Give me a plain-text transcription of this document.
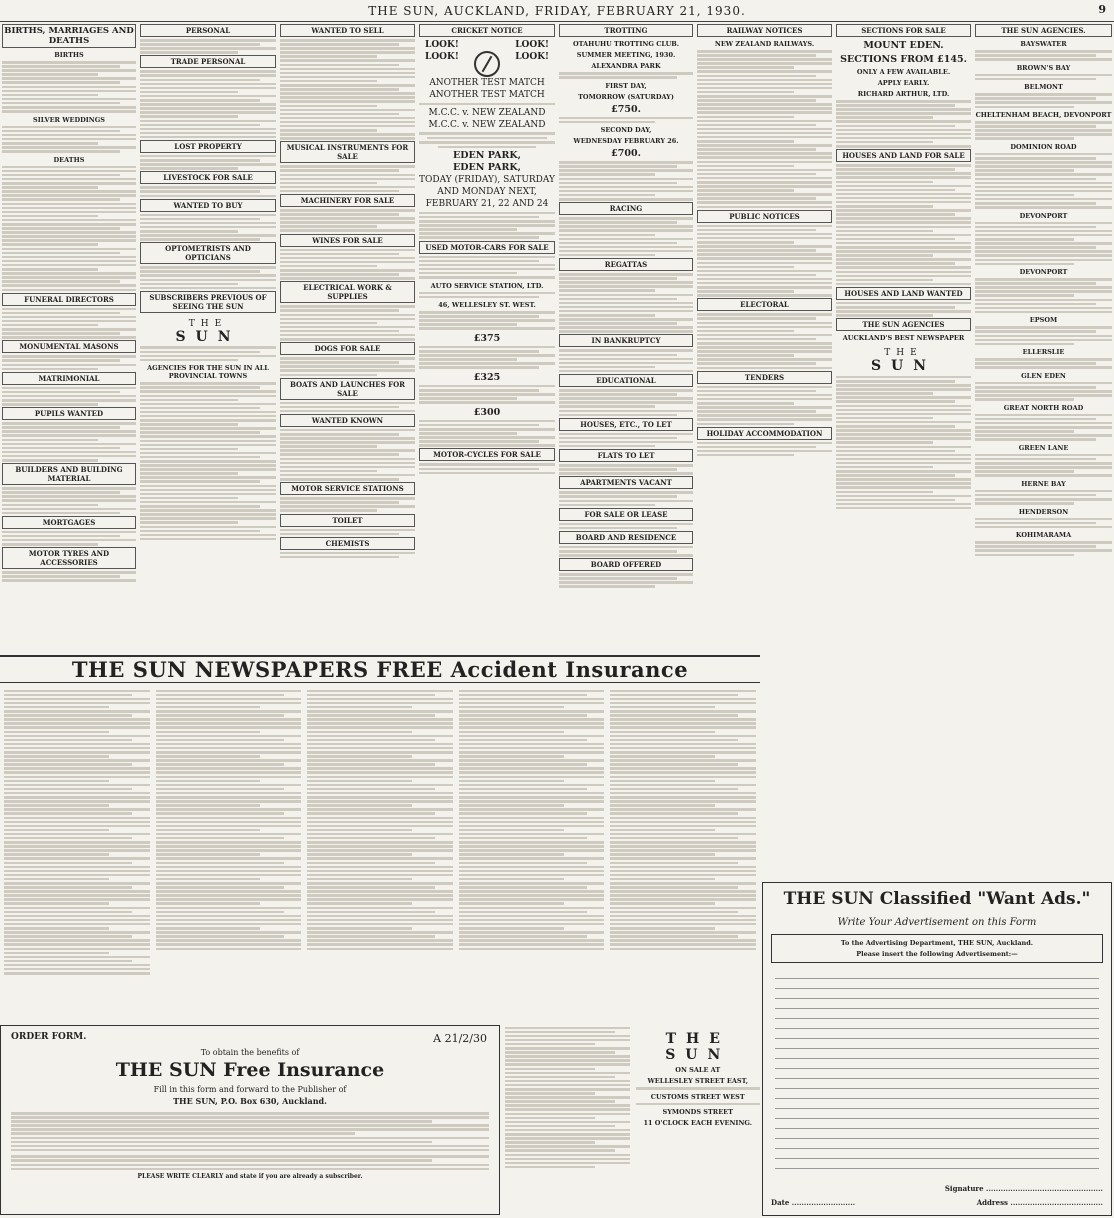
THE SUN, AUCKLAND, FRIDAY, FEBRUARY 21, 1930.	9
BIRTHS, MARRIAGES AND DEATHS
BIRTHS
SILVER WEDDINGS
DEATHS
FUNERAL DIRECTORS
MONUMENTAL MASONS
MATRIMONIAL
PUPILS WANTED
BUILDERS AND BUILDING MATERIAL
MORTGAGES
MOTOR TYRES AND ACCESSORIES
PERSONAL
TRADE PERSONAL
LOST PROPERTY
LIVESTOCK FOR SALE
WANTED TO BUY
OPTOMETRISTS AND OPTICIANS
SUBSCRIBERS PREVIOUS OF SEEING THE SUN
THE
SUN
AGENCIES FOR THE SUN IN ALL PROVINCIAL TOWNS
WANTED TO SELL
MUSICAL INSTRUMENTS FOR SALE
MACHINERY FOR SALE
WINES FOR SALE
ELECTRICAL WORK & SUPPLIES
DOGS FOR SALE
BOATS AND LAUNCHES FOR SALE
WANTED KNOWN
MOTOR SERVICE STATIONS
TOILET
CHEMISTS
CRICKET NOTICE
LOOK!	LOOK!
LOOK!	LOOK!
ANOTHER TEST MATCH
ANOTHER TEST MATCH
M.C.C. v. NEW ZEALAND
M.C.C. v. NEW ZEALAND
EDEN PARK,
EDEN PARK,
TODAY (FRIDAY), SATURDAY AND MONDAY NEXT,
FEBRUARY 21, 22 AND 24
USED MOTOR-CARS FOR SALE
AUTO SERVICE STATION, LTD.
46, WELLESLEY ST. WEST.
£375
£325
£300
MOTOR-CYCLES FOR SALE
TROTTING
OTAHUHU TROTTING CLUB.
SUMMER MEETING, 1930.
ALEXANDRA PARK
FIRST DAY,
TOMORROW (SATURDAY)
£750.
SECOND DAY,
WEDNESDAY FEBRUARY 26.
£700.
RACING
REGATTAS
IN BANKRUPTCY
EDUCATIONAL
HOUSES, ETC., TO LET
FLATS TO LET
APARTMENTS VACANT
FOR SALE OR LEASE
BOARD AND RESIDENCE
BOARD OFFERED
RAILWAY NOTICES
NEW ZEALAND RAILWAYS.
PUBLIC NOTICES
ELECTORAL
TENDERS
HOLIDAY ACCOMMODATION
SECTIONS FOR SALE
MOUNT EDEN.
SECTIONS FROM £145.
ONLY A FEW AVAILABLE.
APPLY EARLY.
RICHARD ARTHUR, LTD.
HOUSES AND LAND FOR SALE
HOUSES AND LAND WANTED
THE SUN AGENCIES
AUCKLAND'S BEST NEWSPAPER
THE
SUN
THE SUN AGENCIES.
BAYSWATER
BROWN'S BAY
BELMONT
CHELTENHAM BEACH, DEVONPORT
DOMINION ROAD
DEVONPORT
DEVONPORT
EPSOM
ELLERSLIE
GLEN EDEN
GREAT NORTH ROAD
GREEN LANE
HERNE BAY
HENDERSON
KOHIMARAMA
THE SUN NEWSPAPERS FREE Accident Insurance
ORDER FORM.	A 21/2/30
To obtain the benefits of
THE SUN Free Insurance
Fill in this form and forward to the Publisher of
THE SUN, P.O. Box 630, Auckland.
PLEASE WRITE CLEARLY and state if you are already a subscriber.
THE SUN
ON SALE AT
WELLESLEY STREET EAST,
CUSTOMS STREET WEST
SYMONDS STREET
11 O'CLOCK EACH EVENING.
THE SUN Classified "Want Ads."
Write Your Advertisement on this Form
To the Advertising Department, THE SUN, Auckland.
Please insert the following Advertisement:—
Signature ................................................
Date ..........................	Address ......................................
